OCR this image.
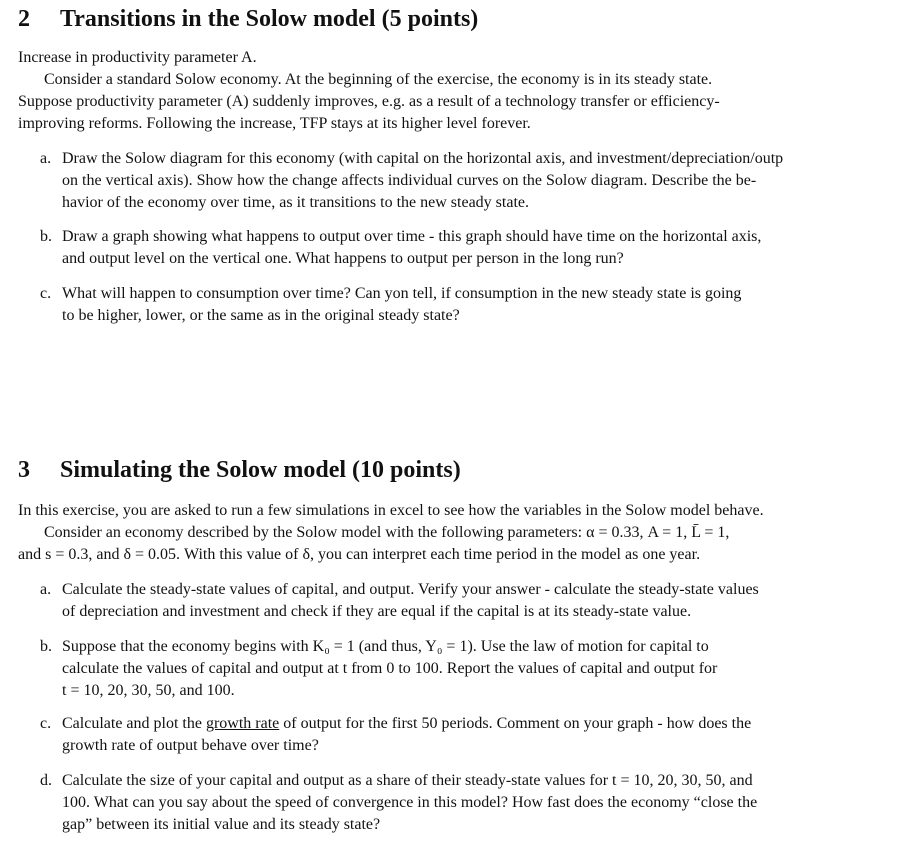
2 Transitions in the Solow model (5 points)
Increase in productivity parameter A.
Consider a standard Solow economy. At the beginning of the exercise, the economy is in its steady state.
Suppose productivity parameter (A) suddenly improves, e.g. as a result of a technology transfer or efficiency-
improving reforms. Following the increase, TFP stays at its higher level forever.
a. Draw the Solow diagram for this economy (with capital on the horizontal axis, and investment/depreciation/outp
on the vertical axis). Show how the change affects individual curves on the Solow diagram. Describe the be-
havior of the economy over time, as it transitions to the new steady state.
b. Draw a graph showing what happens to output over time - this graph should have time on the horizontal axis,
and output level on the vertical one. What happens to output per person in the long run?
c. What will happen to consumption over time? Can yon tell, if consumption in the new steady state is going
to be higher, lower, or the same as in the original steady state?
3 Simulating the Solow model (10 points)
In this exercise, you are asked to run a few simulations in excel to see how the variables in the Solow model behave.
Consider an economy described by the Solow model with the following parameters: α = 0.33, A = 1, L̄ = 1,
and s = 0.3, and δ = 0.05. With this value of δ, you can interpret each time period in the model as one year.
a. Calculate the steady-state values of capital, and output. Verify your answer - calculate the steady-state values
of depreciation and investment and check if they are equal if the capital is at its steady-state value.
b. Suppose that the economy begins with K₀ = 1 (and thus, Y₀ = 1). Use the law of motion for capital to
calculate the values of capital and output at t from 0 to 100. Report the values of capital and output for
t = 10, 20, 30, 50, and 100.
c. Calculate and plot the growth rate of output for the first 50 periods. Comment on your graph - how does the
growth rate of output behave over time?
d. Calculate the size of your capital and output as a share of their steady-state values for t = 10, 20, 30, 50, and
100. What can you say about the speed of convergence in this model? How fast does the economy “close the
gap” between its initial value and its steady state?
